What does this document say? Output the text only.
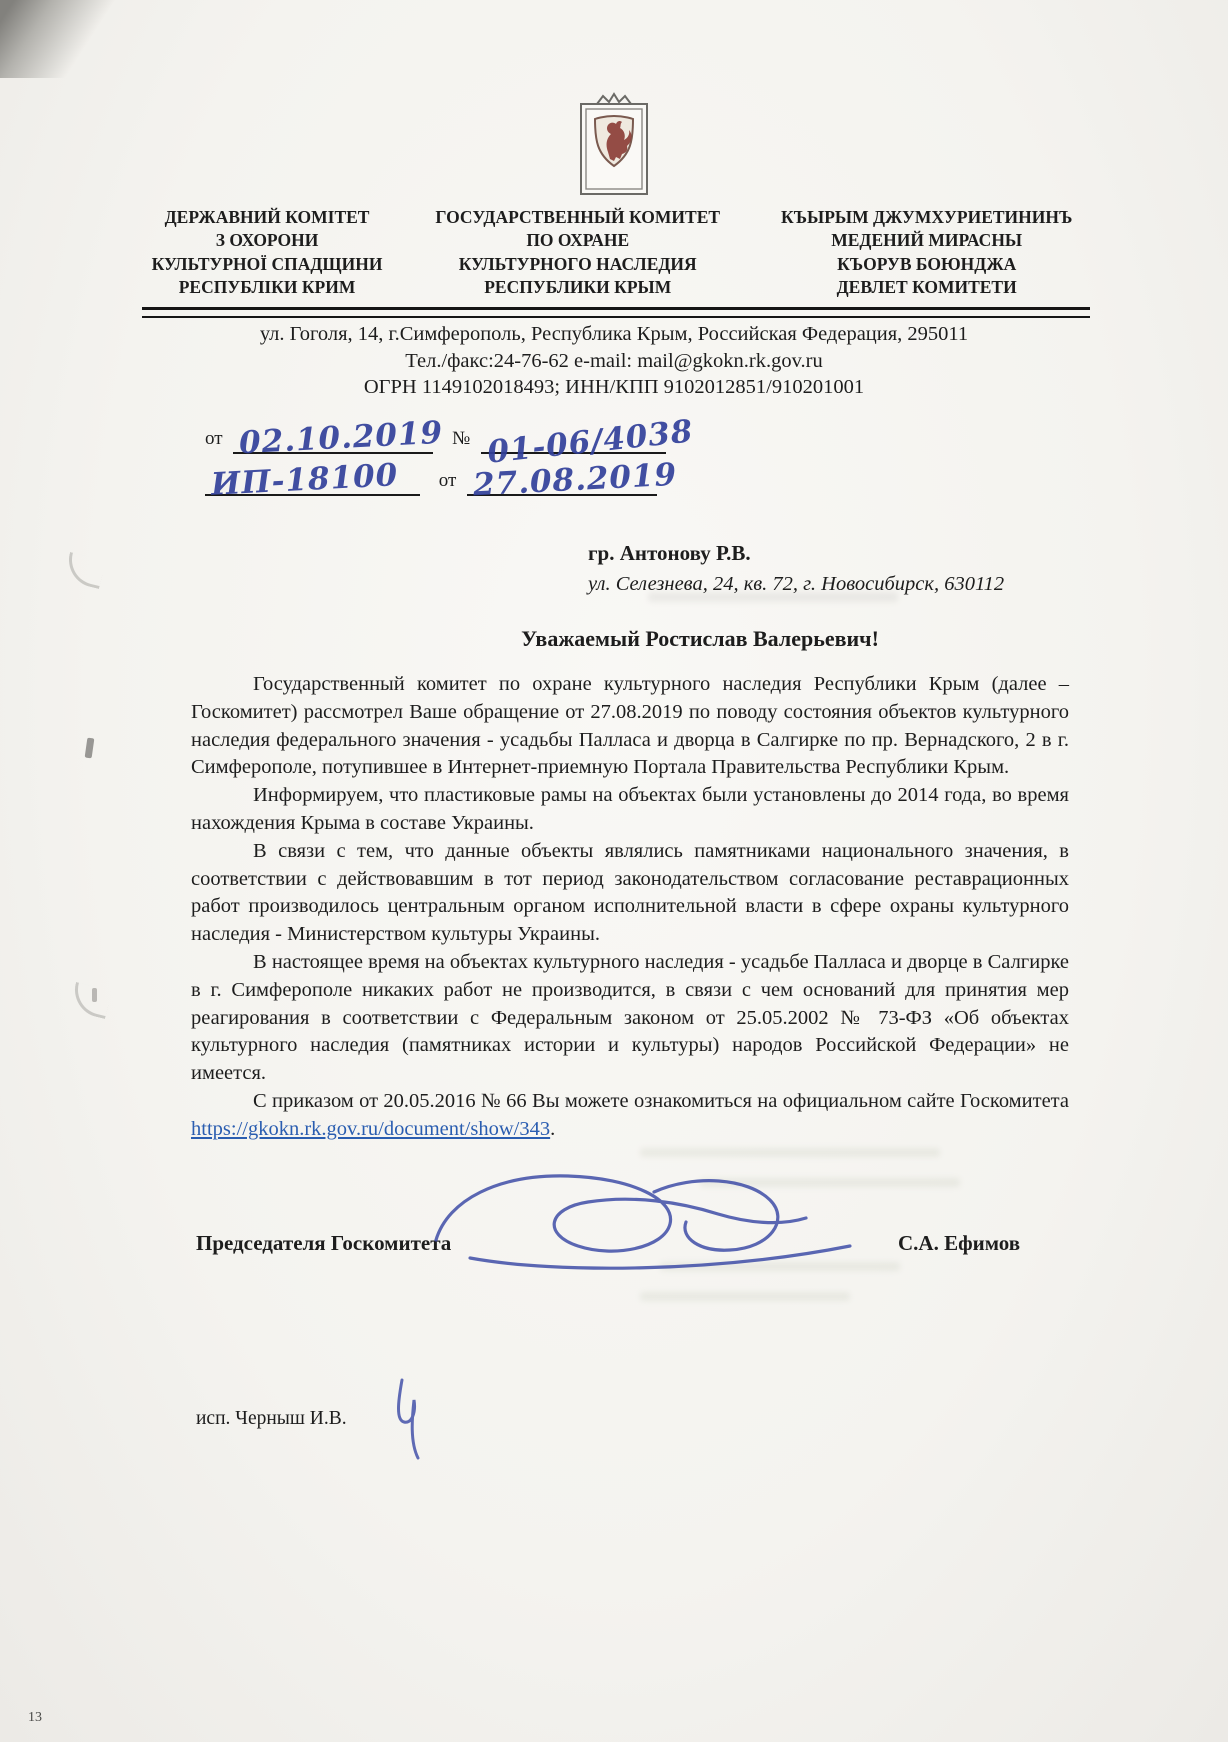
ДЕРЖАВНИЙ КОМІТЕТ
З ОХОРОНИ
КУЛЬТУРНОЇ СПАДЩИНИ
РЕСПУБЛІКИ КРИМ
ГОСУДАРСТВЕННЫЙ КОМИТЕТ
ПО ОХРАНЕ
КУЛЬТУРНОГО НАСЛЕДИЯ
РЕСПУБЛИКИ КРЫМ
КЪЫРЫМ ДЖУМХУРИЕТИНИНЪ
МЕДЕНИЙ МИРАСНЫ
КЪОРУВ БОЮНДЖА
ДЕВЛЕТ КОМИТЕТИ
ул. Гоголя, 14, г.Симферополь, Республика Крым, Российская Федерация, 295011
Тел./факс:24-76-62 e-mail: mail@gkokn.rk.gov.ru
ОГРН 1149102018493; ИНН/КПП 9102012851/910201001
от 02.10.2019 № 01-06/4038
ИП-18100 от 27.08.2019
гр. Антонову Р.В.
ул. Селезнева, 24, кв. 72, г. Новосибирск, 630112
Уважаемый Ростислав Валерьевич!

Государственный комитет по охране культурного наследия Республики Крым (далее – Госкомитет) рассмотрел Ваше обращение от 27.08.2019 по поводу состояния объектов культурного наследия федерального значения - усадьбы Палласа и дворца в Салгирке по пр. Вернадского, 2 в г. Симферополе, потупившее в Интернет-приемную Портала Правительства Республики Крым.

Информируем, что пластиковые рамы на объектах были установлены до 2014 года, во время нахождения Крыма в составе Украины.

В связи с тем, что данные объекты являлись памятниками национального значения, в соответствии с действовавшим в тот период законодательством согласование реставрационных работ производилось центральным органом исполнительной власти в сфере охраны культурного наследия - Министерством культуры Украины.

В настоящее время на объектах культурного наследия - усадьбе Палласа и дворце в Салгирке в г. Симферополе никаких работ не производится, в связи с чем оснований для принятия мер реагирования в соответствии с Федеральным законом от 25.05.2002 № 73-ФЗ «Об объектах культурного наследия (памятниках истории и культуры) народов Российской Федерации» не имеется.

С приказом от 20.05.2016 № 66 Вы можете ознакомиться на официальном сайте Госкомитета https://gkokn.rk.gov.ru/document/show/343.

Председателя Госкомитета	С.А. Ефимов
исп. Черныш И.В.
13
